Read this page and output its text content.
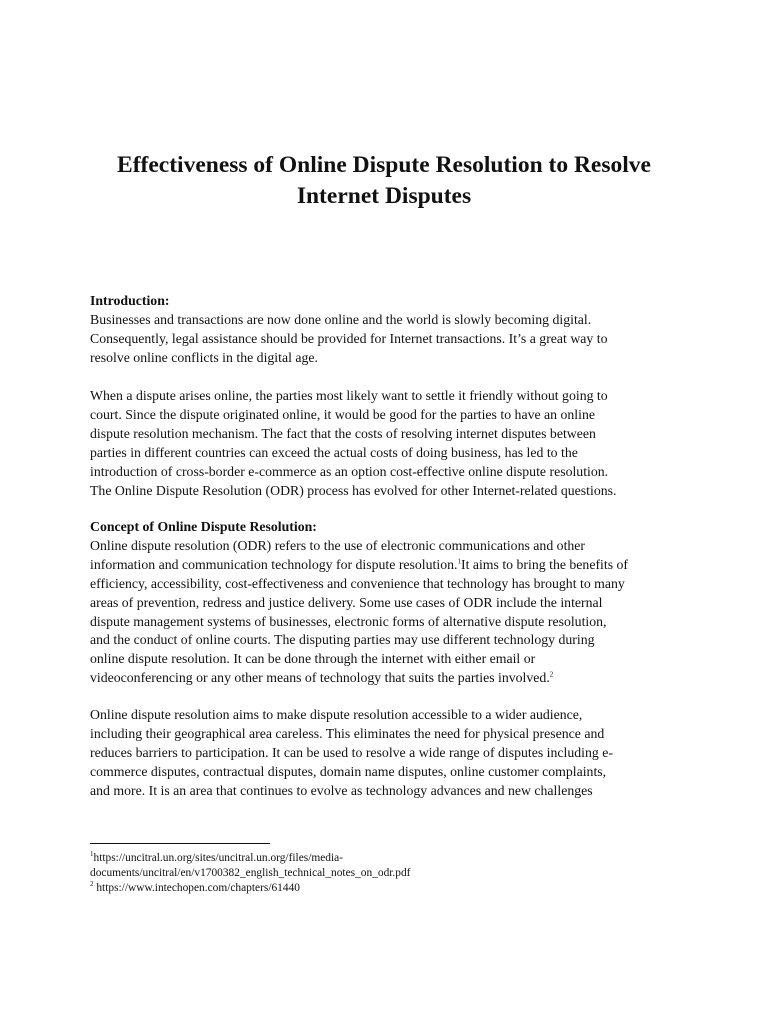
Effectiveness of Online Dispute Resolution to Resolve
Internet Disputes

Introduction:

Businesses and transactions are now done online and the world is slowly becoming digital.

Consequently, legal assistance should be provided for Internet transactions. It’s a great way to

resolve online conflicts in the digital age.

When a dispute arises online, the parties most likely want to settle it friendly without going to

court. Since the dispute originated online, it would be good for the parties to have an online

dispute resolution mechanism. The fact that the costs of resolving internet disputes between

parties in different countries can exceed the actual costs of doing business, has led to the

introduction of cross-border e-commerce as an option cost-effective online dispute resolution.

The Online Dispute Resolution (ODR) process has evolved for other Internet-related questions.

Concept of Online Dispute Resolution:

Online dispute resolution (ODR) refers to the use of electronic communications and other

information and communication technology for dispute resolution.$^1$It aims to bring the benefits of

efficiency, accessibility, cost-effectiveness and convenience that technology has brought to many

areas of prevention, redress and justice delivery. Some use cases of ODR include the internal

dispute management systems of businesses, electronic forms of alternative dispute resolution,

and the conduct of online courts. The disputing parties may use different technology during

online dispute resolution. It can be done through the internet with either email or

videoconferencing or any other means of technology that suits the parties involved.$^2$

Online dispute resolution aims to make dispute resolution accessible to a wider audience,

including their geographical area careless. This eliminates the need for physical presence and

reduces barriers to participation. It can be used to resolve a wide range of disputes including e-

commerce disputes, contractual disputes, domain name disputes, online customer complaints,

and more. It is an area that continues to evolve as technology advances and new challenges

$^1$https://uncitral.un.org/sites/uncitral.un.org/files/media-

documents/uncitral/en/v1700382_english_technical_notes_on_odr.pdf

$^2$ https://www.intechopen.com/chapters/61440
